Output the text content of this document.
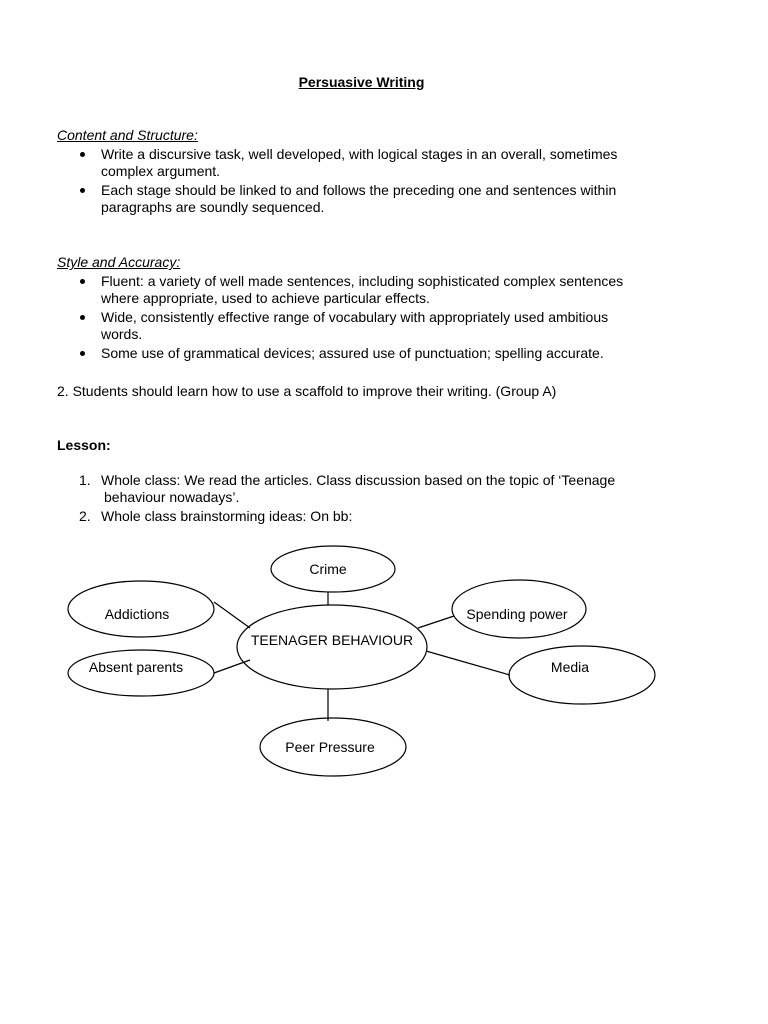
Persuasive Writing
Content and Structure:
Write a discursive task, well developed, with logical stages in an overall, sometimes
complex argument.
Each stage should be linked to and follows the preceding one and sentences within
paragraphs are soundly sequenced.
Style and Accuracy:
Fluent: a variety of well made sentences, including sophisticated complex sentences
where appropriate, used to achieve particular effects.
Wide, consistently effective range of vocabulary with appropriately used ambitious
words.
Some use of grammatical devices; assured use of punctuation; spelling accurate.
2. Students should learn how to use a scaffold to improve their writing. (Group A)
Lesson:
1. Whole class: We read the articles. Class discussion based on the topic of ‘Teenage
behaviour nowadays’.
2. Whole class brainstorming ideas: On bb:
Crime
Addictions
Absent parents
TEENAGER BEHAVIOUR
Spending power
Media
Peer Pressure
